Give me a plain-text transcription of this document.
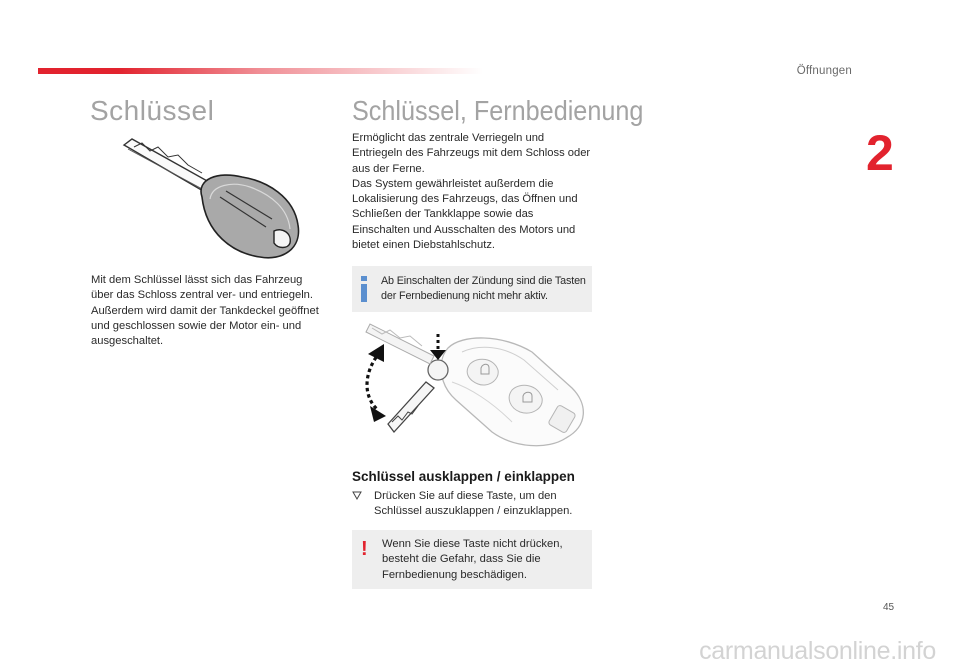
Öffnungen
2
Schlüssel
Mit dem Schlüssel lässt sich das Fahrzeug über das Schloss zentral ver- und entriegeln. Außerdem wird damit der Tankdeckel geöffnet und geschlossen sowie der Motor ein- und ausgeschaltet.
Schlüssel, Fernbedienung

Ermöglicht das zentrale Verriegeln und Entriegeln des Fahrzeugs mit dem Schloss oder aus der Ferne.

Das System gewährleistet außerdem die Lokalisierung des Fahrzeugs, das Öffnen und Schließen der Tankklappe sowie das Einschalten und Ausschalten des Motors und bietet einen Diebstahlschutz.

Ab Einschalten der Zündung sind die Tasten der Fernbedienung nicht mehr aktiv.
Schlüssel ausklappen / einklappen
Drücken Sie auf diese Taste, um den Schlüssel auszuklappen / einzuklappen.
! Wenn Sie diese Taste nicht drücken, besteht die Gefahr, dass Sie die Fernbedienung beschädigen.
45
carmanualsonline.info
